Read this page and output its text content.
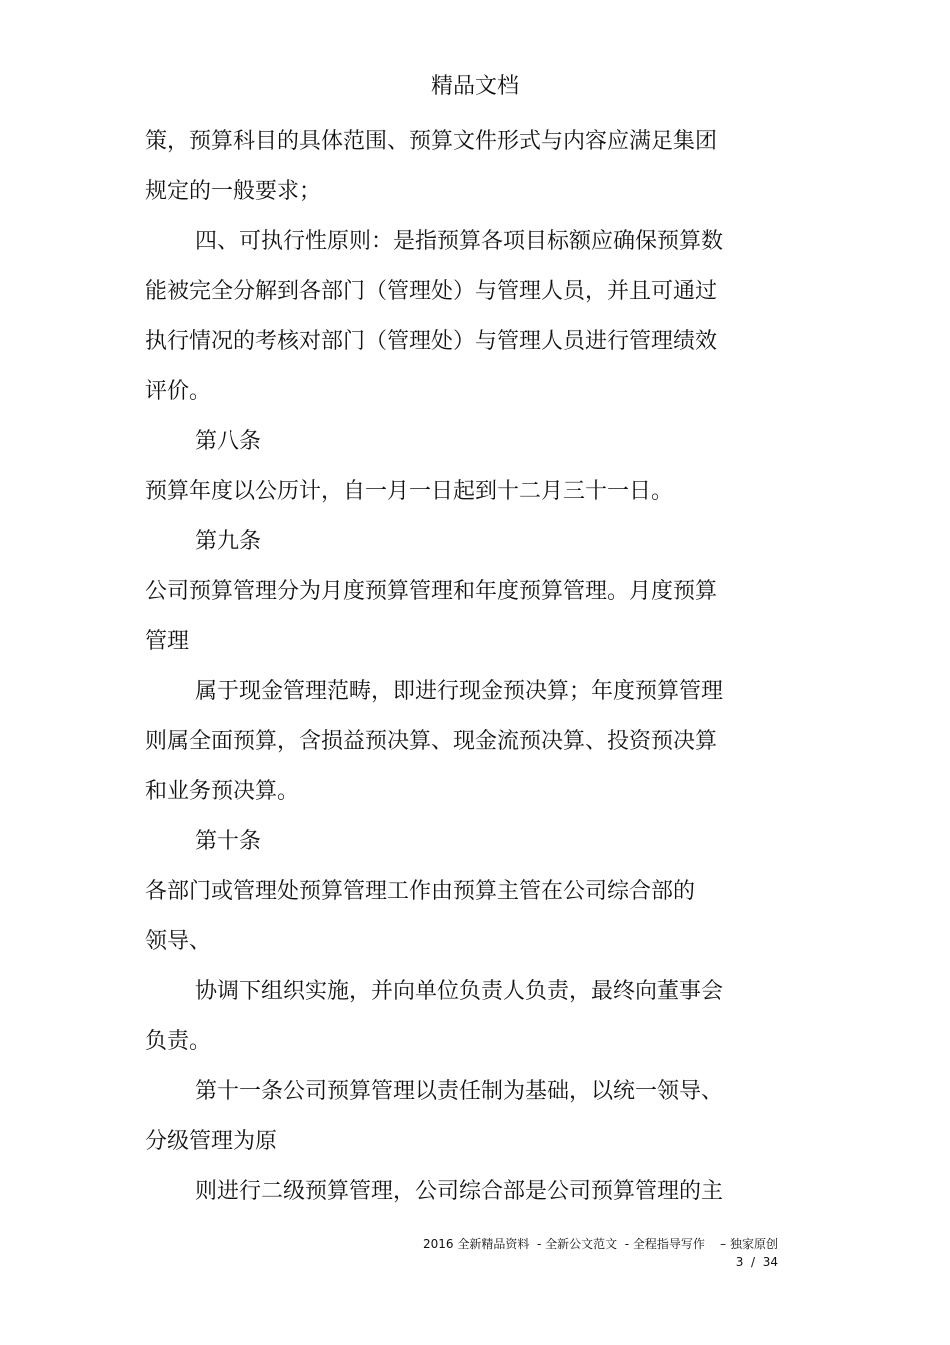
精品文档
策，预算科目的具体范围、预算文件形式与内容应满足集团
规定的一般要求；
四、可执行性原则：是指预算各项目标额应确保预算数
能被完全分解到各部门（管理处）与管理人员，并且可通过
执行情况的考核对部门（管理处）与管理人员进行管理绩效
评价。
第八条
预算年度以公历计，自一月一日起到十二月三十一日。
第九条
公司预算管理分为月度预算管理和年度预算管理。月度预算
管理
属于现金管理范畴，即进行现金预决算；年度预算管理
则属全面预算，含损益预决算、现金流预决算、投资预决算
和业务预决算。
第十条
各部门或管理处预算管理工作由预算主管在公司综合部的
领导、
协调下组织实施，并向单位负责人负责，最终向董事会
负责。
第十一条公司预算管理以责任制为基础，以统一领导、
分级管理为原
则进行二级预算管理，公司综合部是公司预算管理的主
2016 全新精品资料  - 全新公文范文  - 全程指导写作    – 独家原创
3  /  34
